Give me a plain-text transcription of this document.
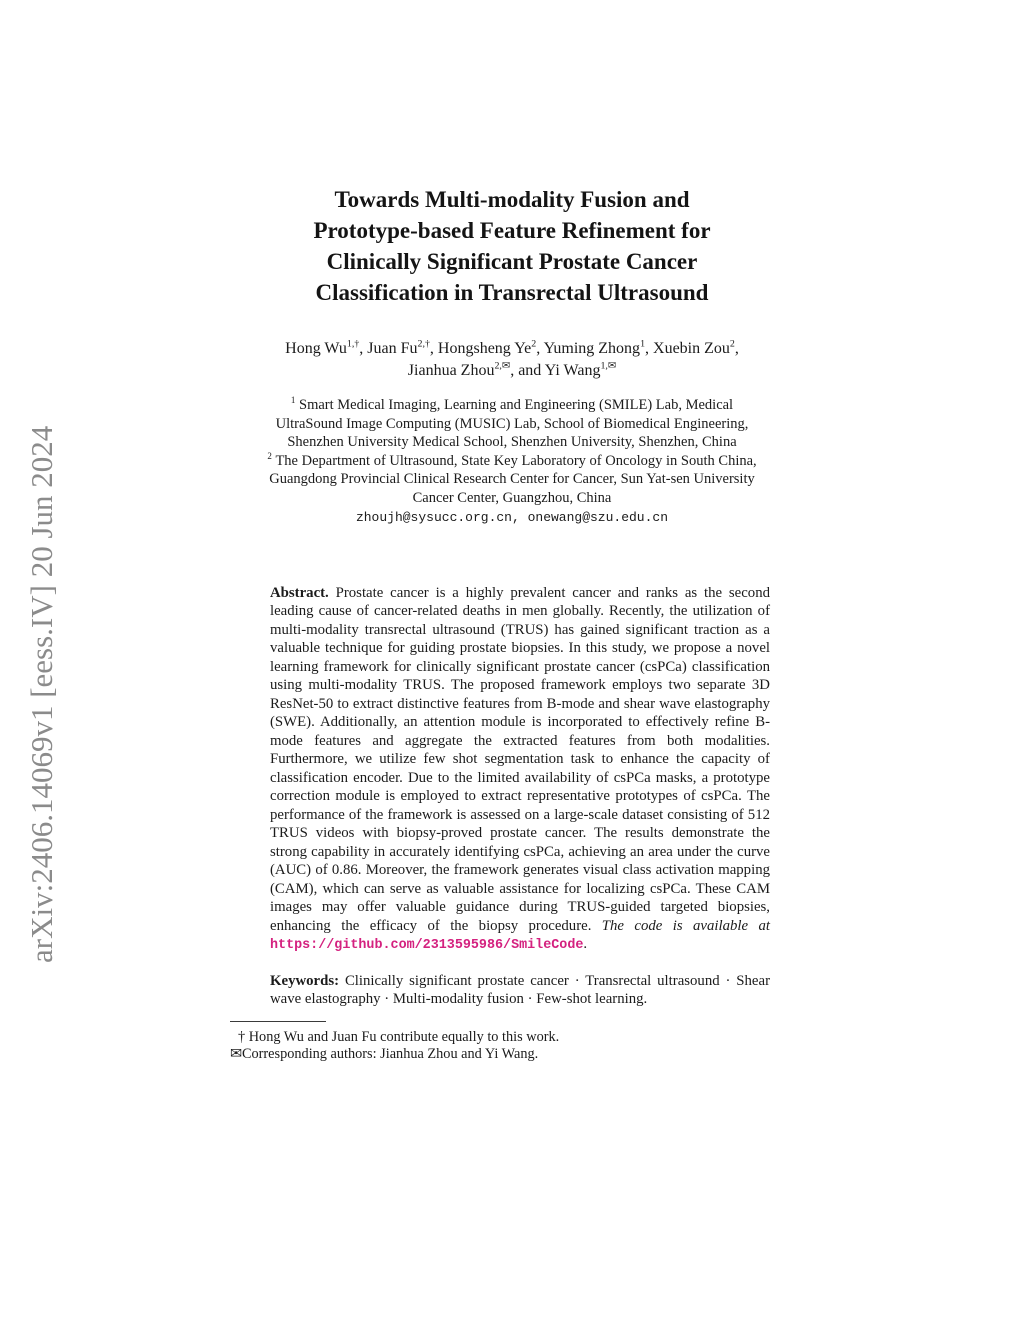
arXiv:2406.14069v1 [eess.IV] 20 Jun 2024
Towards Multi-modality Fusion and
Prototype-based Feature Refinement for
Clinically Significant Prostate Cancer
Classification in Transrectal Ultrasound
Hong $Wu^{1,\dagger}$, Juan $Fu^{2,\dagger}$, Hongsheng Ye$^2$, Yuming Zhong$^1$, Xuebin Zou$^2$,
Jianhua Zhou$^{2,✉}$, and Yi Wang$^{1,✉}$
$^1$ Smart Medical Imaging, Learning and Engineering (SMILE) Lab, Medical
UltraSound Image Computing (MUSIC) Lab, School of Biomedical Engineering,
Shenzhen University Medical School, Shenzhen University, Shenzhen, China
$^2$ The Department of Ultrasound, State Key Laboratory of Oncology in South China,
Guangdong Provincial Clinical Research Center for Cancer, Sun Yat-sen University
Cancer Center, Guangzhou, China
zhoujh@sysucc.org.cn, onewang@szu.edu.cn
Abstract. Prostate cancer is a highly prevalent cancer and ranks as the second leading cause of cancer-related deaths in men globally. Recently, the utilization of multi-modality transrectal ultrasound (TRUS) has gained significant traction as a valuable technique for guiding prostate biopsies. In this study, we propose a novel learning framework for clinically significant prostate cancer (csPCa) classification using multi-modality TRUS. The proposed framework employs two separate 3D ResNet-50 to extract distinctive features from B-mode and shear wave elastography (SWE). Additionally, an attention module is incorporated to effectively refine B-mode features and aggregate the extracted features from both modalities. Furthermore, we utilize few shot segmentation task to enhance the capacity of classification encoder. Due to the limited availability of csPCa masks, a prototype correction module is employed to extract representative prototypes of csPCa. The performance of the framework is assessed on a large-scale dataset consisting of 512 TRUS videos with biopsy-proved prostate cancer. The results demonstrate the strong capability in accurately identifying csPCa, achieving an area under the curve (AUC) of 0.86. Moreover, the framework generates visual class activation mapping (CAM), which can serve as valuable assistance for localizing csPCa. These CAM images may offer valuable guidance during TRUS-guided targeted biopsies, enhancing the efficacy of the biopsy procedure. The code is available at https://github.com/2313595986/SmileCode.
Keywords: Clinically significant prostate cancer · Transrectal ultrasound · Shear wave elastography · Multi-modality fusion · Few-shot learning.
† Hong Wu and Juan Fu contribute equally to this work.
✉Corresponding authors: Jianhua Zhou and Yi Wang.
